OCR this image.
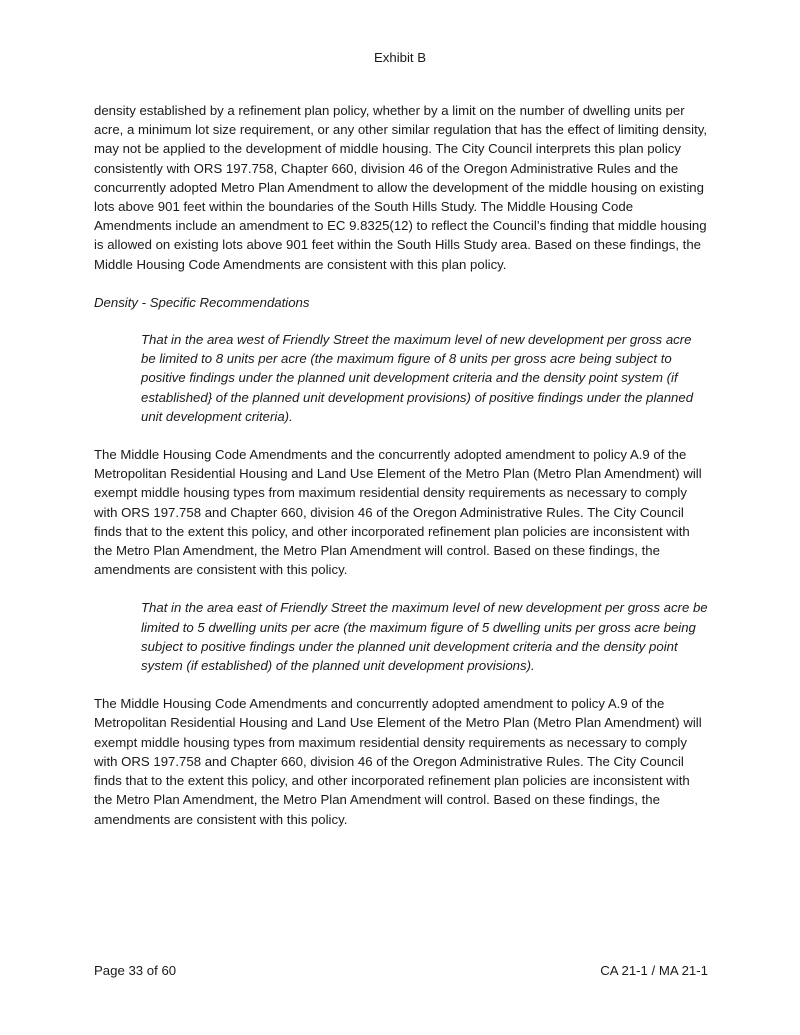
Exhibit B

density established by a refinement plan policy, whether by a limit on the number of dwelling units per acre, a minimum lot size requirement, or any other similar regulation that has the effect of limiting density, may not be applied to the development of middle housing. The City Council interprets this plan policy consistently with ORS 197.758, Chapter 660, division 46 of the Oregon Administrative Rules and the concurrently adopted Metro Plan Amendment to allow the development of the middle housing on existing lots above 901 feet within the boundaries of the South Hills Study. The Middle Housing Code Amendments include an amendment to EC 9.8325(12) to reflect the Council’s finding that middle housing is allowed on existing lots above 901 feet within the South Hills Study area. Based on these findings, the Middle Housing Code Amendments are consistent with this plan policy.

Density - Specific Recommendations

That in the area west of Friendly Street the maximum level of new development per gross acre be limited to 8 units per acre (the maximum figure of 8 units per gross acre being subject to positive findings under the planned unit development criteria and the density point system (if established} of the planned unit development provisions) of positive findings under the planned unit development criteria).

The Middle Housing Code Amendments and the concurrently adopted amendment to policy A.9 of the Metropolitan Residential Housing and Land Use Element of the Metro Plan (Metro Plan Amendment) will exempt middle housing types from maximum residential density requirements as necessary to comply with ORS 197.758 and Chapter 660, division 46 of the Oregon Administrative Rules. The City Council finds that to the extent this policy, and other incorporated refinement plan policies are inconsistent with the Metro Plan Amendment, the Metro Plan Amendment will control. Based on these findings, the amendments are consistent with this policy.

That in the area east of Friendly Street the maximum level of new development per gross acre be limited to 5 dwelling units per acre (the maximum figure of 5 dwelling units per gross acre being subject to positive findings under the planned unit development criteria and the density point system (if established) of the planned unit development provisions).

The Middle Housing Code Amendments and concurrently adopted amendment to policy A.9 of the Metropolitan Residential Housing and Land Use Element of the Metro Plan (Metro Plan Amendment) will exempt middle housing types from maximum residential density requirements as necessary to comply with ORS 197.758 and Chapter 660, division 46 of the Oregon Administrative Rules. The City Council finds that to the extent this policy, and other incorporated refinement plan policies are inconsistent with the Metro Plan Amendment, the Metro Plan Amendment will control. Based on these findings, the amendments are consistent with this policy.

Page 33 of 60	CA 21-1 / MA 21-1
